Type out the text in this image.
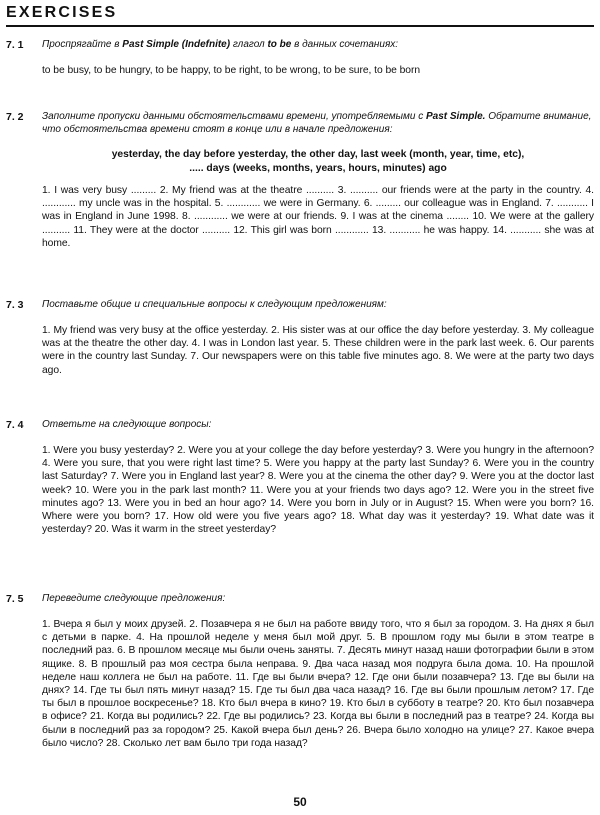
EXERCISES
7. 1 Проспрягайте в Past Simple (Indefnite) глагол to be в данных сочетаниях:
to be busy, to be hungry, to be happy, to be right, to be wrong, to be sure, to be born
7. 2 Заполните пропуски данными обстоятельствами времени, употребляемыми с Past Simple. Обратите внимание, что обстоятельства времени стоят в конце или в начале предложения:
yesterday, the day before yesterday, the other day, last week (month, year, time, etc),
..... days (weeks, months, years, hours, minutes) ago
1. I was very busy ......... 2. My friend was at the theatre .......... 3. .......... our friends were at the party in the country. 4. ............ my uncle was in the hospital. 5. ............ we were in Germany. 6. ......... our colleague was in England. 7. ........... I was in England in June 1998. 8. ............ we were at our friends. 9. I was at the cinema ........ 10. We were at the gallery .......... 11. They were at the doctor .......... 12. This girl was born ............ 13. ........... he was happy. 14. ........... she was at home.
7. 3 Поставьте общие и специальные вопросы к следующим предложениям:
1. My friend was very busy at the office yesterday. 2. His sister was at our office the day before yesterday. 3. My colleague was at the theatre the other day. 4. I was in London last year. 5. These children were in the park last week. 6. Our parents were in the country last Sunday. 7. Our newspapers were on this table five minutes ago. 8. We were at the party two days ago.
7. 4 Ответьте на следующие вопросы:
1. Were you busy yesterday? 2. Were you at your college the day before yesterday? 3. Were you hungry in the afternoon? 4. Were you sure, that you were right last time? 5. Were you happy at the party last Sunday? 6. Were you in the country last Saturday? 7. Were you in England last year? 8. Were you at the cinema the other day? 9. Were you at the doctor last week? 10. Were you in the park last month? 11. Were you at your friends two days ago? 12. Were you in the street five minutes ago? 13. Were you in bed an hour ago? 14. Were you born in July or in August? 15. When were you born? 16. Where were you born? 17. How old were you five years ago? 18. What day was it yesterday? 19. What date was it yesterday? 20. Was it warm in the street yesterday?
7. 5 Переведите следующие предложения:
1. Вчера я был у моих друзей. 2. Позавчера я не был на работе ввиду того, что я был за городом. 3. На днях я был с детьми в парке. 4. На прошлой неделе у меня был мой друг. 5. В прошлом году мы были в этом театре в последний раз. 6. В прошлом месяце мы были очень заняты. 7. Десять минут назад наши фотографии были в этом ящике. 8. В прошлый раз моя сестра была неправа. 9. Два часа назад моя подруга была дома. 10. На прошлой неделе наш коллега не был на работе. 11. Где вы были вчера? 12. Где они были позавчера? 13. Где вы были на днях? 14. Где ты был пять минут назад? 15. Где ты был два часа назад? 16. Где вы были прошлым летом? 17. Где ты был в прошлое воскресенье? 18. Кто был вчера в кино? 19. Кто был в субботу в театре? 20. Кто был позавчера в офисе? 21. Когда вы родились? 22. Где вы родились? 23. Когда вы были в последний раз в театре? 24. Когда вы были в последний раз за городом? 25. Какой вчера был день? 26. Вчера было холодно на улице? 27. Какое вчера было число? 28. Сколько лет вам было три года назад?
50
